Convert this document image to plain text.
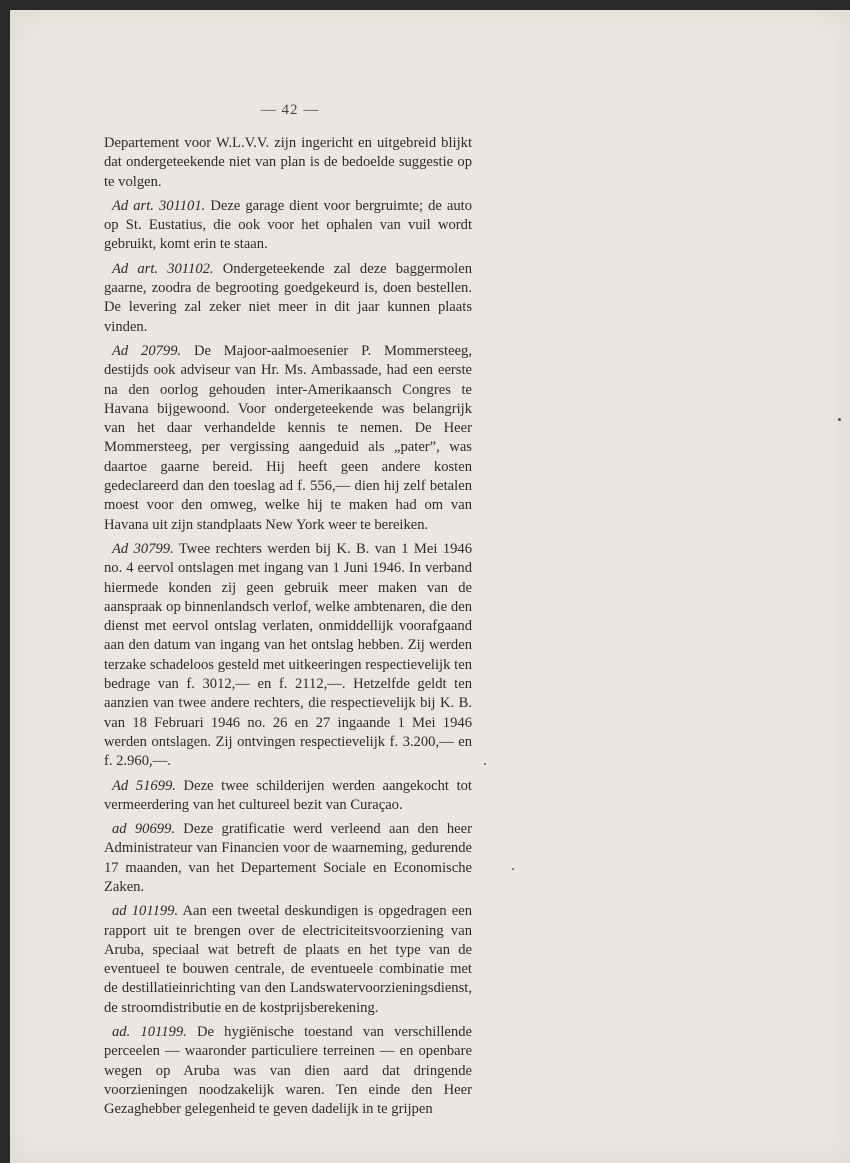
— 42 —

Departement voor W.L.V.V. zijn ingericht en uitgebreid blijkt dat ondergeteekende niet van plan is de bedoelde suggestie op te volgen.

Ad art. 301101. Deze garage dient voor bergruimte; de auto op St. Eustatius, die ook voor het ophalen van vuil wordt gebruikt, komt erin te staan.

Ad art. 301102. Ondergeteekende zal deze baggermolen gaarne, zoodra de begrooting goedgekeurd is, doen bestellen. De levering zal zeker niet meer in dit jaar kunnen plaats vinden.

Ad 20799. De Majoor-aalmoesenier P. Mommersteeg, destijds ook adviseur van Hr. Ms. Ambassade, had een eerste na den oorlog gehouden inter-Amerikaansch Congres te Havana bijgewoond. Voor ondergeteekende was belangrijk van het daar verhandelde kennis te nemen. De Heer Mommersteeg, per vergissing aangeduid als „pater”, was daartoe gaarne bereid. Hij heeft geen andere kosten gedeclareerd dan den toeslag ad f. 556,— dien hij zelf betalen moest voor den omweg, welke hij te maken had om van Havana uit zijn standplaats New York weer te bereiken.

Ad 30799. Twee rechters werden bij K. B. van 1 Mei 1946 no. 4 eervol ontslagen met ingang van 1 Juni 1946. In verband hiermede konden zij geen gebruik meer maken van de aanspraak op binnenlandsch verlof, welke ambtenaren, die den dienst met eervol ontslag verlaten, onmiddellijk voorafgaand aan den datum van ingang van het ontslag hebben. Zij werden terzake schadeloos gesteld met uitkeeringen respectievelijk ten bedrage van f. 3012,— en f. 2112,—. Hetzelfde geldt ten aanzien van twee andere rechters, die respectievelijk bij K. B. van 18 Februari 1946 no. 26 en 27 ingaande 1 Mei 1946 werden ontslagen. Zij ontvingen respectievelijk f. 3.200,— en f. 2.960,—.

Ad 51699. Deze twee schilderijen werden aangekocht tot vermeerdering van het cultureel bezit van Curaçao.

ad 90699. Deze gratificatie werd verleend aan den heer Administrateur van Financien voor de waarneming, gedurende 17 maanden, van het Departement Sociale en Economische Zaken.

ad 101199. Aan een tweetal deskundigen is opgedragen een rapport uit te brengen over de electriciteitsvoorziening van Aruba, speciaal wat betreft de plaats en het type van de eventueel te bouwen centrale, de eventueele combinatie met de destillatieinrichting van den Landswatervoorzieningsdienst, de stroomdistributie en de kostprijsberekening.

ad. 101199. De hygiënische toestand van verschillende perceelen — waaronder particuliere terreinen — en openbare wegen op Aruba was van dien aard dat dringende voorzieningen noodzakelijk waren. Ten einde den Heer Gezaghebber gelegenheid te geven dadelijk in te grijpen
